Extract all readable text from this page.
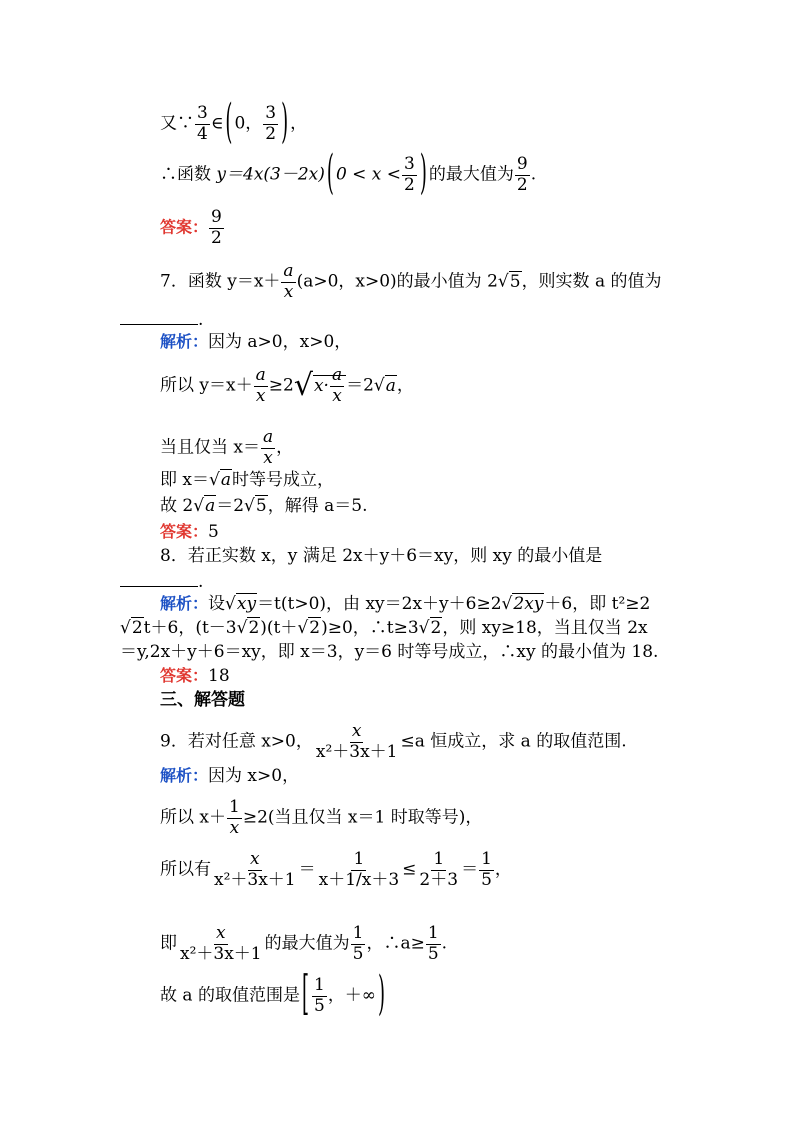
又∵ $\frac{3}{4}$ ∈ ( 0， $\frac{3}{2}$ ) ，
∴函数 y＝4x(3－2x) ( $0 < x < \frac{3}{2}$ ) 的最大值为 $\frac{9}{2}$ .
答案： $\frac{9}{2}$
7．函数 $y=x+ \frac{a}{x} (a>0$，x>0)的最小值为 2√5，则实数 a 的值为
.
解析：因为 a>0，x>0，
所以 $y=x+ \frac{a}{x} \ge 2√x\cdot \frac{a}{x} =2√a$，
当且仅当 $x= \frac{a}{x}$ ，
即 x＝√a时等号成立，
故 2√a＝2√5，解得 a＝5.
答案：5
8．若正实数 x，y 满足 2x＋y＋6＝xy，则 xy 的最小值是
.
解析：设√xy＝t(t>0)，由 xy＝2x＋y＋6≥2√2xy＋6，即 t²≥2
√2t＋6，(t－3√2)(t＋√2)≥0，∴t≥3√2，则 xy≥18，当且仅当 2x
＝y,2x＋y＋6＝xy，即 x＝3，y＝6 时等号成立，∴xy 的最小值为 18.
答案：18
三、解答题
9．若对任意 x>0， $\frac{x}{\text{x²＋3x＋1}} \le a$ 恒成立，求 a 的取值范围.
解析：因为 x>0，
所以 $x+ \frac{1}{x} \ge 2$(当且仅当 x＝1 时取等号)，
所以有 $\frac{x}{\text{x²＋3x＋1}} = \frac{1}{x+1/x+3} \le \frac{1}{2+3} = \frac{1}{5}$ ，
即 $\frac{x}{\text{x²＋3x＋1}}$ 的最大值为 $\frac{1}{5}$ ，∴a≥ $\frac{1}{5}$ .
故 a 的取值范围是 [ $\frac{1}{5}$ ，＋∞ )
